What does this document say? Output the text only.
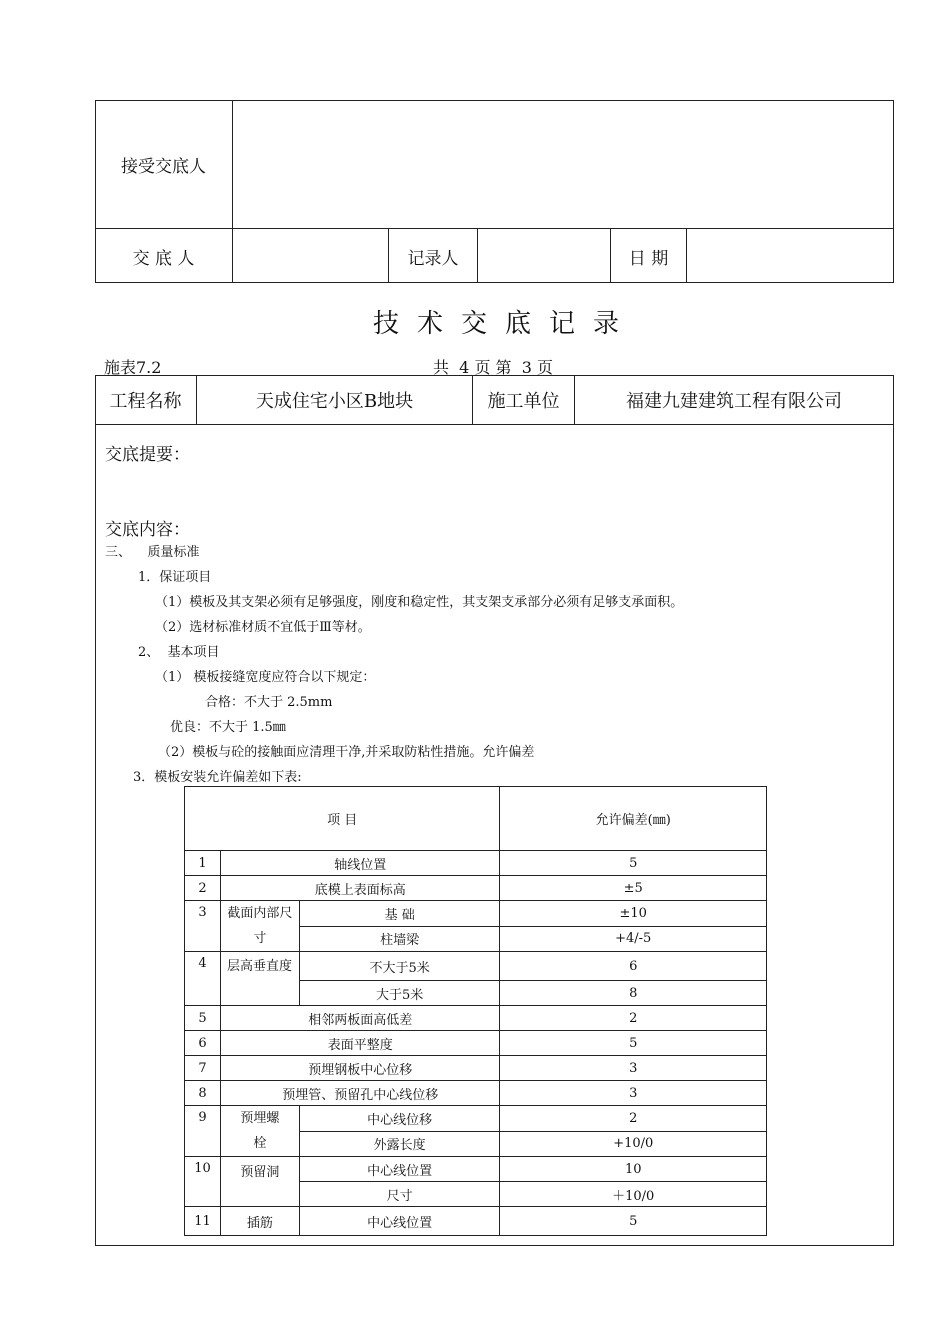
接受交底人
交 底 人	记录人	日 期
技术交底记录
施表7.2	共  4 页 第  3 页
工程名称	天成住宅小区B地块	施工单位	福建九建建筑工程有限公司
交底提要：
交底内容：
三、    质量标准
1．保证项目
（1）模板及其支架必须有足够强度，刚度和稳定性，其支架支承部分必须有足够支承面积。
（2）选材标准材质不宜低于Ⅲ等材。
2、  基本项目
（1） 模板接缝宽度应符合以下规定：
合格：不大于 2.5mm
优良：不大于 1.5㎜
（2）模板与砼的接触面应清理干净,并采取防粘性措施。允许偏差
3．模板安装允许偏差如下表:
项 目			允许偏差(㎜)
1	轴线位置		5
2	底模上表面标高		±5
3	截面内部尺寸	基 础	±10
		柱墙梁	+4/-5
4	层高垂直度	不大于5米	6
		大于5米	8
5	相邻两板面高低差		2
6	表面平整度		5
7	预埋钢板中心位移		3
8	预埋管、预留孔中心线位移		3
9	预埋螺栓	中心线位移	2
		外露长度	+10/0
10	预留洞	中心线位置	10
		尺寸	＋10/0
11	插筋	中心线位置	5
